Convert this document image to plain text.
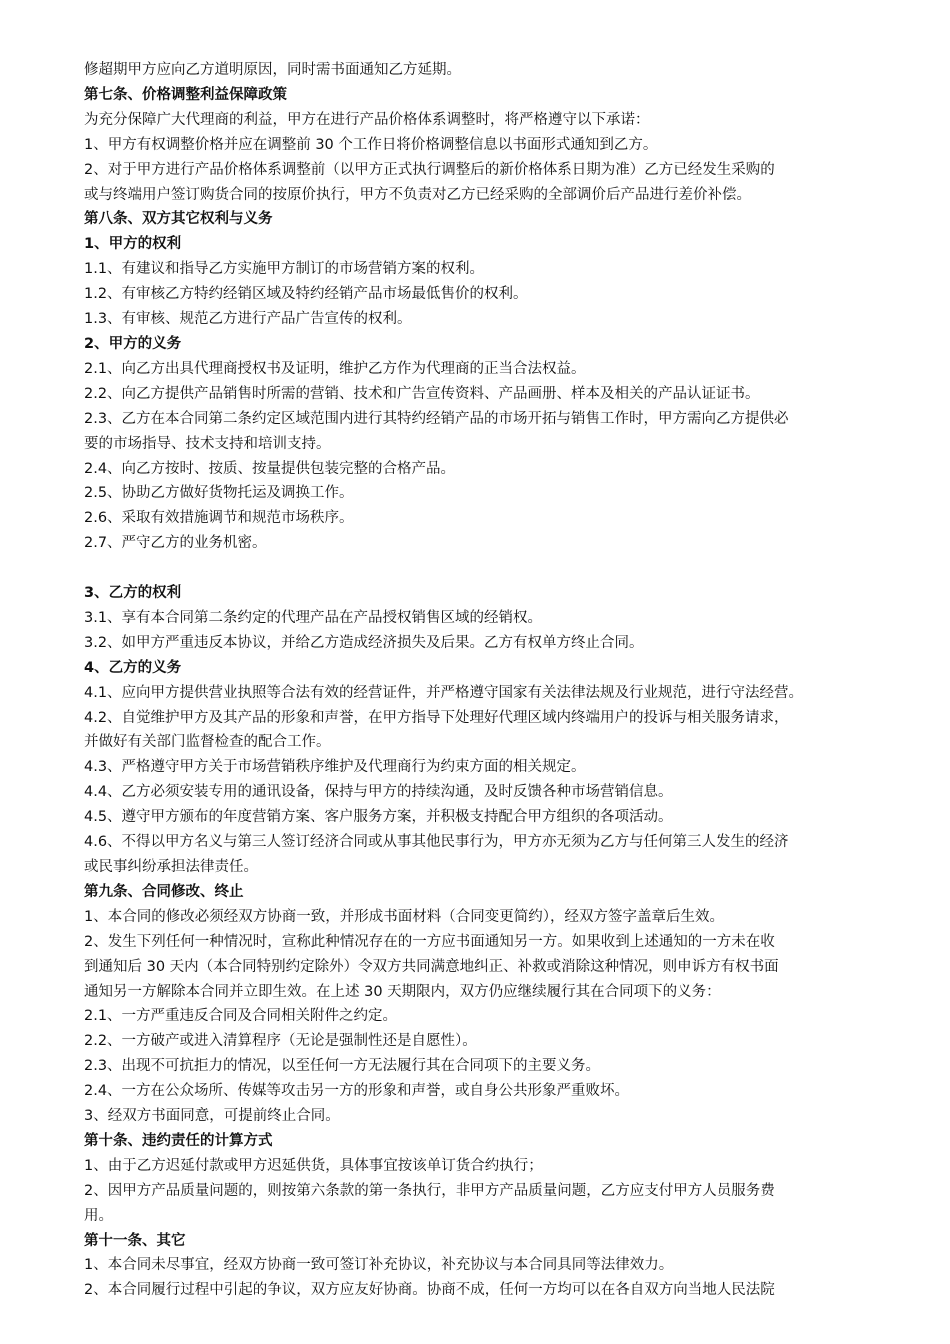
修超期甲方应向乙方道明原因，同时需书面通知乙方延期。
第七条、价格调整利益保障政策
为充分保障广大代理商的利益，甲方在进行产品价格体系调整时，将严格遵守以下承诺：
1、甲方有权调整价格并应在调整前 30 个工作日将价格调整信息以书面形式通知到乙方。
2、对于甲方进行产品价格体系调整前（以甲方正式执行调整后的新价格体系日期为准）乙方已经发生采购的
或与终端用户签订购货合同的按原价执行，甲方不负责对乙方已经采购的全部调价后产品进行差价补偿。
第八条、双方其它权利与义务
1、甲方的权利
1.1、有建议和指导乙方实施甲方制订的市场营销方案的权利。
1.2、有审核乙方特约经销区域及特约经销产品市场最低售价的权利。
1.3、有审核、规范乙方进行产品广告宣传的权利。
2、甲方的义务
2.1、向乙方出具代理商授权书及证明，维护乙方作为代理商的正当合法权益。
2.2、向乙方提供产品销售时所需的营销、技术和广告宣传资料、产品画册、样本及相关的产品认证证书。
2.3、乙方在本合同第二条约定区域范围内进行其特约经销产品的市场开拓与销售工作时，甲方需向乙方提供必
要的市场指导、技术支持和培训支持。
2.4、向乙方按时、按质、按量提供包装完整的合格产品。
2.5、协助乙方做好货物托运及调换工作。
2.6、采取有效措施调节和规范市场秩序。
2.7、严守乙方的业务机密。
3、乙方的权利
3.1、享有本合同第二条约定的代理产品在产品授权销售区域的经销权。
3.2、如甲方严重违反本协议，并给乙方造成经济损失及后果。乙方有权单方终止合同。
4、乙方的义务
4.1、应向甲方提供营业执照等合法有效的经营证件，并严格遵守国家有关法律法规及行业规范，进行守法经营。
4.2、自觉维护甲方及其产品的形象和声誉，在甲方指导下处理好代理区域内终端用户的投诉与相关服务请求，
并做好有关部门监督检查的配合工作。
4.3、严格遵守甲方关于市场营销秩序维护及代理商行为约束方面的相关规定。
4.4、乙方必须安装专用的通讯设备，保持与甲方的持续沟通，及时反馈各种市场营销信息。
4.5、遵守甲方颁布的年度营销方案、客户服务方案，并积极支持配合甲方组织的各项活动。
4.6、不得以甲方名义与第三人签订经济合同或从事其他民事行为，甲方亦无须为乙方与任何第三人发生的经济
或民事纠纷承担法律责任。
第九条、合同修改、终止
1、本合同的修改必须经双方协商一致，并形成书面材料（合同变更简约），经双方签字盖章后生效。
2、发生下列任何一种情况时，宣称此种情况存在的一方应书面通知另一方。如果收到上述通知的一方未在收
到通知后 30 天内（本合同特别约定除外）令双方共同满意地纠正、补救或消除这种情况，则申诉方有权书面
通知另一方解除本合同并立即生效。在上述 30 天期限内，双方仍应继续履行其在合同项下的义务：
2.1、一方严重违反合同及合同相关附件之约定。
2.2、一方破产或进入清算程序（无论是强制性还是自愿性）。
2.3、出现不可抗拒力的情况，以至任何一方无法履行其在合同项下的主要义务。
2.4、一方在公众场所、传媒等攻击另一方的形象和声誉，或自身公共形象严重败坏。
3、经双方书面同意，可提前终止合同。
第十条、违约责任的计算方式
1、由于乙方迟延付款或甲方迟延供货，具体事宜按该单订货合约执行；
2、因甲方产品质量问题的，则按第六条款的第一条执行，非甲方产品质量问题，乙方应支付甲方人员服务费
用。
第十一条、其它
1、本合同未尽事宜，经双方协商一致可签订补充协议，补充协议与本合同具同等法律效力。
2、本合同履行过程中引起的争议，双方应友好协商。协商不成，任何一方均可以在各自双方向当地人民法院
